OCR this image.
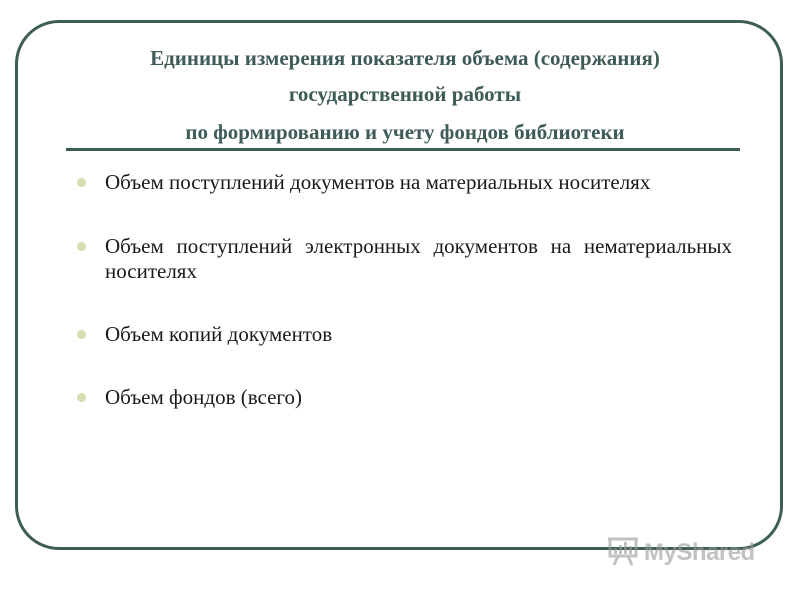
Единицы измерения показателя объема (содержания)
государственной работы
по формированию и учету фондов библиотеки
Объем поступлений документов на материальных носителях
Объем поступлений электронных документов на нематериальных носителях
Объем копий документов
Объем фондов (всего)
MyShared
